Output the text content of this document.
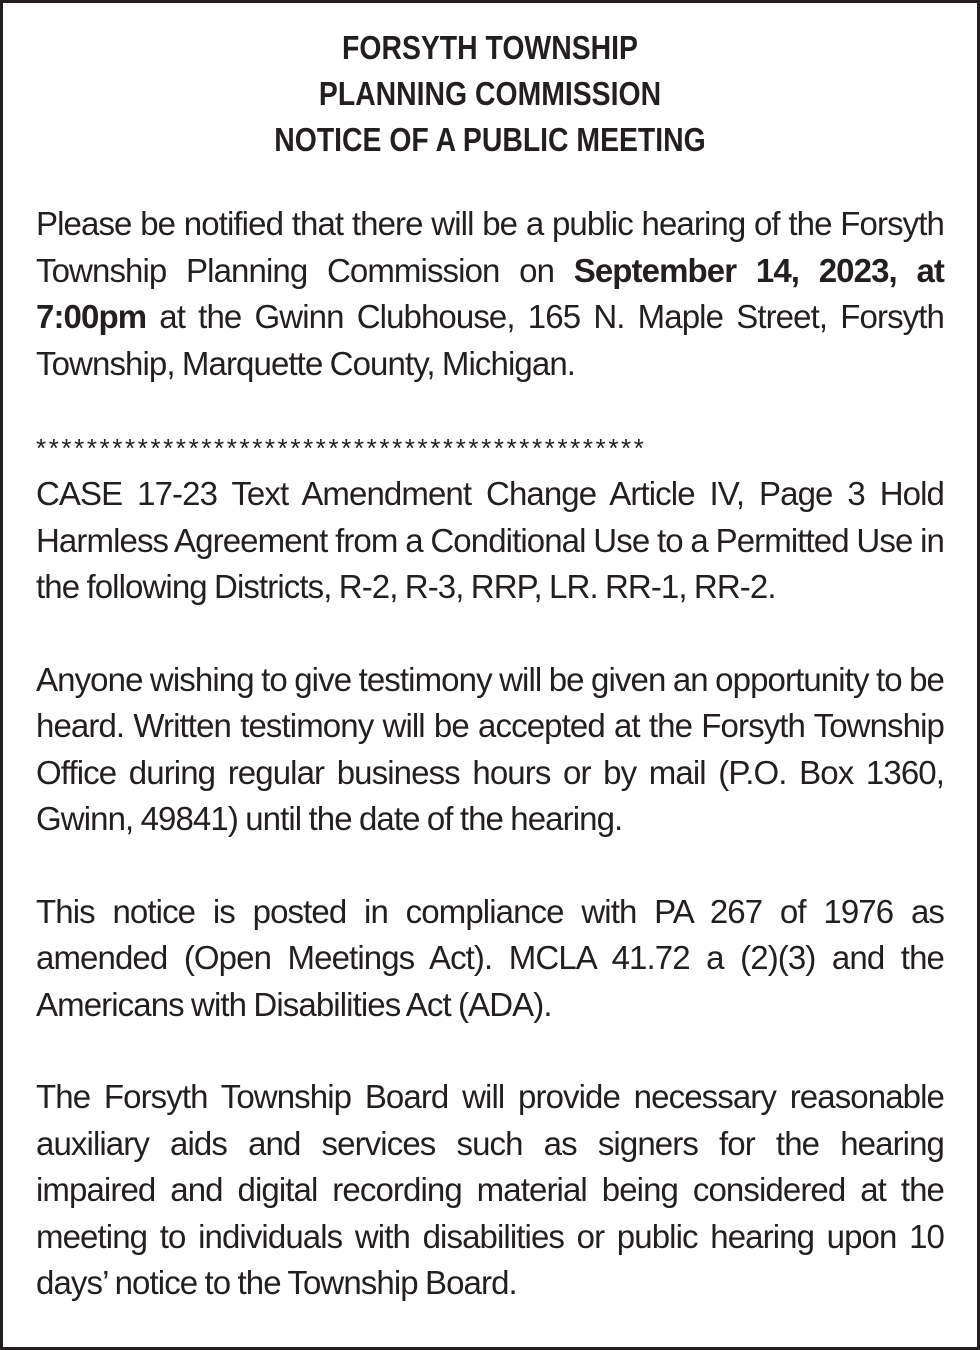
FORSYTH TOWNSHIP
PLANNING COMMISSION
NOTICE OF A PUBLIC MEETING
Please be notified that there will be a public hearing of the Forsyth Township Planning Commission on September 14, 2023, at 7:00pm at the Gwinn Clubhouse, 165 N. Maple Street, Forsyth Township, Marquette County, Michigan.
************************************************
CASE 17-23 Text Amendment Change Article IV, Page 3 Hold Harmless Agreement from a Conditional Use to a Permitted Use in the following Districts, R-2, R-3, RRP, LR. RR-1, RR-2.
Anyone wishing to give testimony will be given an opportunity to be heard. Written testimony will be accepted at the Forsyth Township Office during regular business hours or by mail (P.O. Box 1360, Gwinn, 49841) until the date of the hearing.
This notice is posted in compliance with PA 267 of 1976 as amended (Open Meetings Act). MCLA 41.72 a (2)(3) and the Americans with Disabilities Act (ADA).
The Forsyth Township Board will provide necessary reasonable auxiliary aids and services such as signers for the hearing impaired and digital recording material being considered at the meeting to individuals with disabilities or public hearing upon 10 days’ notice to the Township Board.
